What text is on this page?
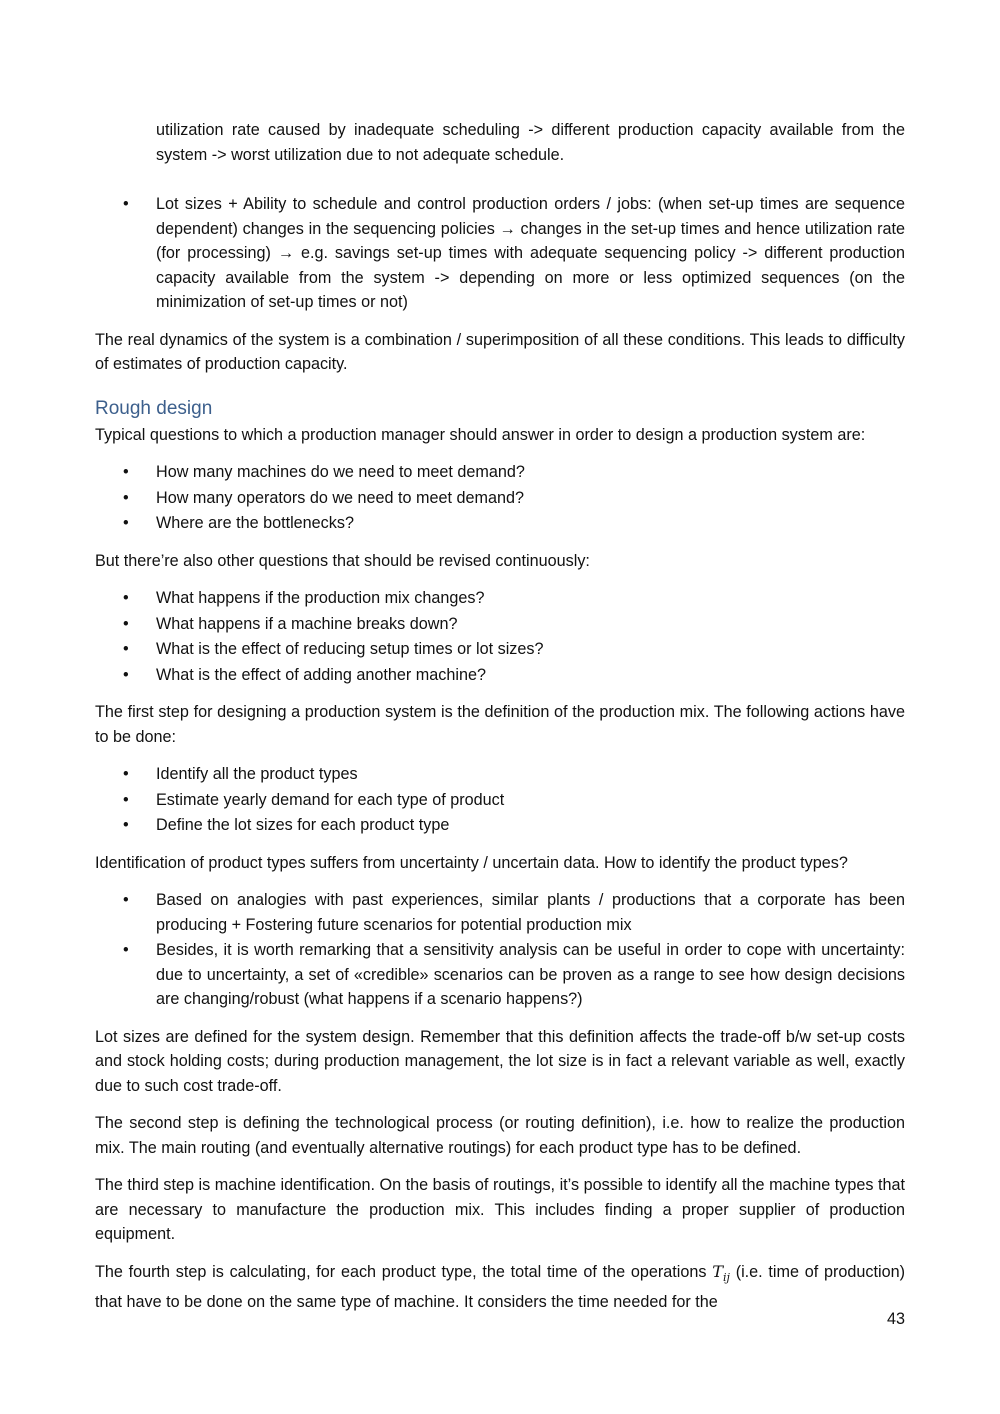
utilization rate caused by inadequate scheduling -> different production capacity available from the system -> worst utilization due to not adequate schedule.

• Lot sizes + Ability to schedule and control production orders / jobs: (when set-up times are sequence dependent) changes in the sequencing policies → changes in the set-up times and hence utilization rate (for processing) → e.g. savings set-up times with adequate sequencing policy -> different production capacity available from the system -> depending on more or less optimized sequences (on the minimization of set-up times or not)

The real dynamics of the system is a combination / superimposition of all these conditions. This leads to difficulty of estimates of production capacity.

Rough design

Typical questions to which a production manager should answer in order to design a production system are:

• How many machines do we need to meet demand?
• How many operators do we need to meet demand?
• Where are the bottlenecks?

But there’re also other questions that should be revised continuously:

• What happens if the production mix changes?
• What happens if a machine breaks down?
• What is the effect of reducing setup times or lot sizes?
• What is the effect of adding another machine?

The first step for designing a production system is the definition of the production mix. The following actions have to be done:

• Identify all the product types
• Estimate yearly demand for each type of product
• Define the lot sizes for each product type

Identification of product types suffers from uncertainty / uncertain data. How to identify the product types?

• Based on analogies with past experiences, similar plants / productions that a corporate has been producing + Fostering future scenarios for potential production mix
• Besides, it is worth remarking that a sensitivity analysis can be useful in order to cope with uncertainty: due to uncertainty, a set of «credible» scenarios can be proven as a range to see how design decisions are changing/robust (what happens if a scenario happens?)

Lot sizes are defined for the system design. Remember that this definition affects the trade-off b/w set-up costs and stock holding costs; during production management, the lot size is in fact a relevant variable as well, exactly due to such cost trade-off.

The second step is defining the technological process (or routing definition), i.e. how to realize the production mix. The main routing (and eventually alternative routings) for each product type has to be defined.

The third step is machine identification. On the basis of routings, it’s possible to identify all the machine types that are necessary to manufacture the production mix. This includes finding a proper supplier of production equipment.

The fourth step is calculating, for each product type, the total time of the operations $T_{ij}$ (i.e. time of production) that have to be done on the same type of machine. It considers the time needed for the

43
